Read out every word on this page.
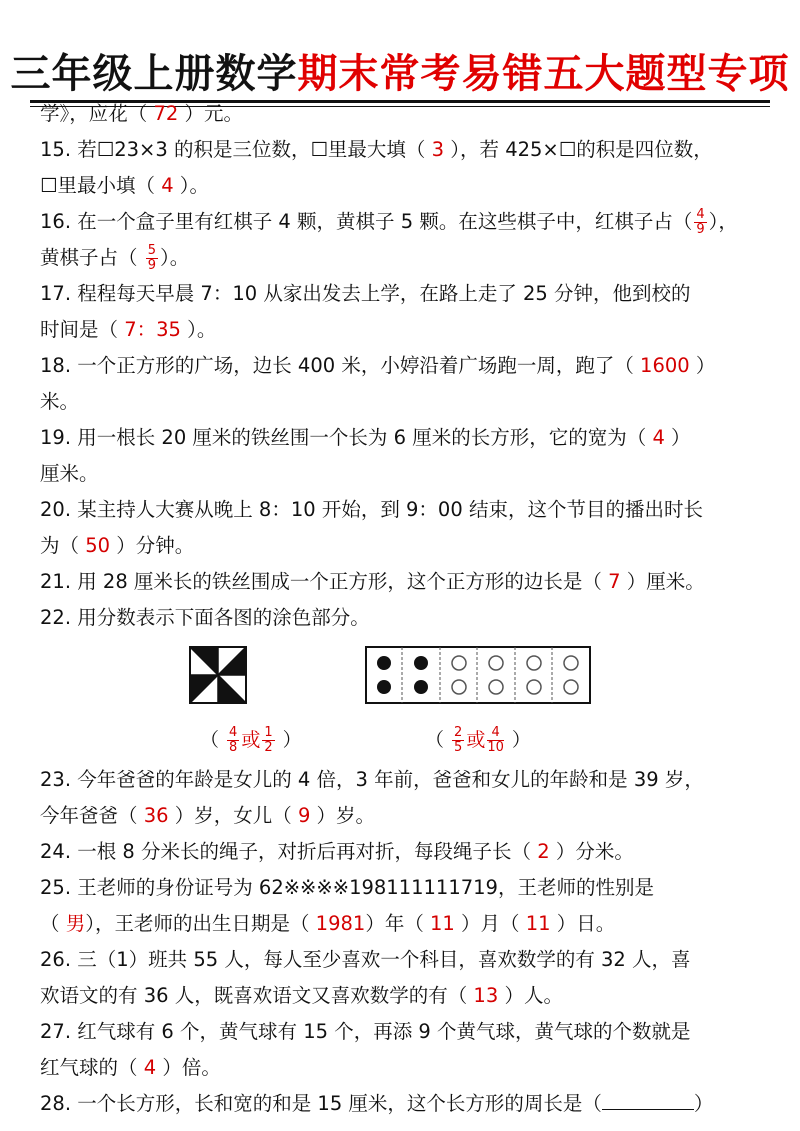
三年级上册数学期末常考易错五大题型专项
学》，应花（ 72 ）元。
15. 若☐23×3 的积是三位数，☐里最大填（ 3 ），若 425×☐的积是四位数，
☐里最小填（ 4 ）。
16. 在一个盒子里有红棋子 4 颗，黄棋子 5 颗。在这些棋子中，红棋子占（ $\frac{4}{9}$ ），
黄棋子占（ $\frac{5}{9}$ ）。
17. 程程每天早晨 7：10 从家出发去上学，在路上走了 25 分钟，他到校的
时间是（ 7：35 ）。
18. 一个正方形的广场，边长 400 米，小婷沿着广场跑一周，跑了（ 1600 ）
米。
19. 用一根长 20 厘米的铁丝围一个长为 6 厘米的长方形，它的宽为（ 4 ）
厘米。
20. 某主持人大赛从晚上 8：10 开始，到 9：00 结束，这个节目的播出时长
为（ 50 ）分钟。
21. 用 28 厘米长的铁丝围成一个正方形，这个正方形的边长是（ 7 ）厘米。
22. 用分数表示下面各图的涂色部分。
（ $\frac{4}{8}$ 或 $\frac{1}{2}$ ）	（ $\frac{2}{5}$ 或 $\frac{4}{10}$ ）
23. 今年爸爸的年龄是女儿的 4 倍，3 年前，爸爸和女儿的年龄和是 39 岁，
今年爸爸（ 36 ）岁，女儿（ 9 ）岁。
24. 一根 8 分米长的绳子，对折后再对折，每段绳子长（ 2 ）分米。
25. 王老师的身份证号为 62※※※※198111111719，王老师的性别是
（ 男），王老师的出生日期是（ 1981）年（ 11 ）月（ 11 ）日。
26. 三（1）班共 55 人，每人至少喜欢一个科目，喜欢数学的有 32 人，喜
欢语文的有 36 人，既喜欢语文又喜欢数学的有（ 13 ）人。
27. 红气球有 6 个，黄气球有 15 个，再添 9 个黄气球，黄气球的个数就是
红气球的（ 4 ）倍。
28. 一个长方形，长和宽的和是 15 厘米，这个长方形的周长是（	）
